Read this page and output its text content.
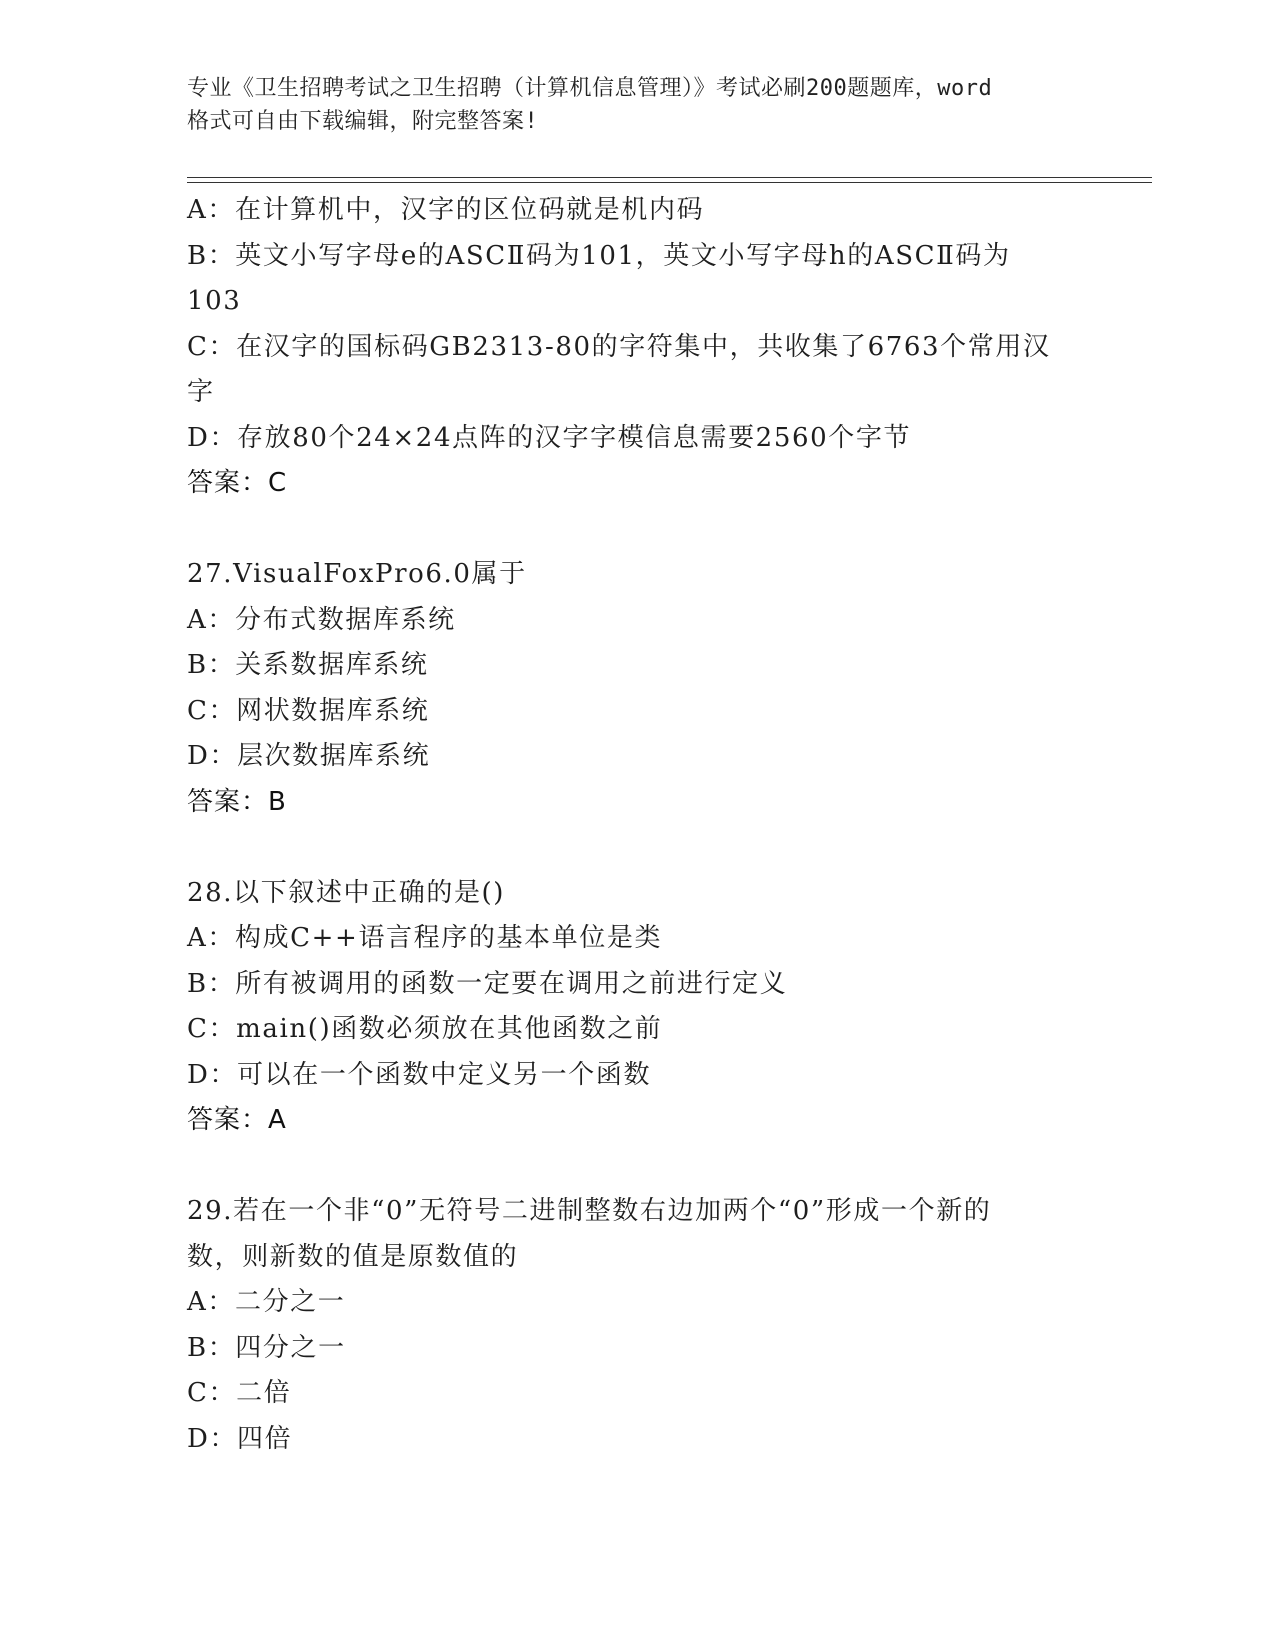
专业《卫生招聘考试之卫生招聘（计算机信息管理）》考试必刷200题题库，word
格式可自由下载编辑，附完整答案!
A：在计算机中，汉字的区位码就是机内码
B：英文小写字母e的ASCⅡ码为101，英文小写字母h的ASCⅡ码为
103
C：在汉字的国标码GB2313-80的字符集中，共收集了6763个常用汉
字
D：存放80个24×24点阵的汉字字模信息需要2560个字节
答案：C
27.VisualFoxPro6.0属于
A：分布式数据库系统
B：关系数据库系统
C：网状数据库系统
D：层次数据库系统
答案：B
28.以下叙述中正确的是()
A：构成C++语言程序的基本单位是类
B：所有被调用的函数一定要在调用之前进行定义
C：main()函数必须放在其他函数之前
D：可以在一个函数中定义另一个函数
答案：A
29.若在一个非“0”无符号二进制整数右边加两个“0”形成一个新的
数，则新数的值是原数值的
A：二分之一
B：四分之一
C：二倍
D：四倍
